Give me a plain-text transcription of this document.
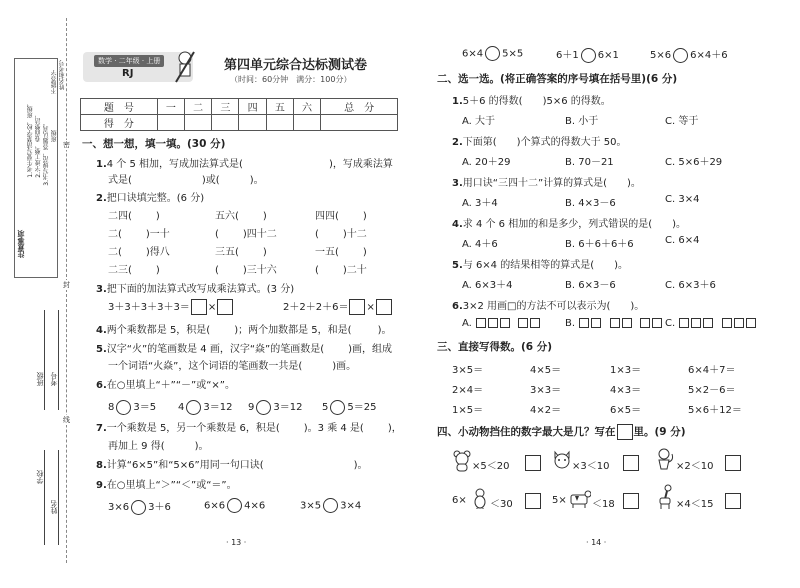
注意事项
1.考生要写清楚学校、班级、 2.字迹工整、卷面整洁， 3.书写规范，答题认真。
姓名和考号
不能答字
班级
密
封
线
班级 考号
学校
姓名
数学 · 二年级 · 上册
RJ
第四单元综合达标测试卷
（时间：60分钟　满分：100分）
题　号	一	二	三	四	五	六	总　分
得　分							
一、想一想，填一填。(30 分)
1.4 个 5 相加，写成加法算式是(	)，写成乘法算
式是(	)或(	)。
2.把口诀填完整。(6 分)
二四( )	五六( )	四四( )
二( )一十	( )四十二	( )十二
二( )得八	三五( )	一五( )
二三( )	( )三十六	( )二十
3.把下面的加法算式改写成乘法算式。(3 分)
3＋3＋3＋3＋3＝ ×	2＋2＋2＋6＝ ×
4.两个乘数都是 5，积是( )；两个加数都是 5，和是(	)。
5.汉字“火”的笔画数是 4 画，汉字“焱”的笔画数是( )画，组成
一个词语“火焱”，这个词语的笔画数一共是(	)画。
6.在○里填上“＋”“－”或“×”。
8 3＝5 4 3＝12 9 3＝12 5 5＝25
7.一个乘数是 5，另一个乘数是 6，积是( )。3 乘 4 是( )，
再加上 9 得(	)。
8.计算“6×5”和“5×6”用同一句口诀(	)。
9.在○里填上“＞”“＜”或“＝”。
3×6 3＋6	6×6 4×6	3×5 3×4
· 13 ·
6×4 5×5	6＋1 6×1	5×6 6×4＋6
二、选一选。(将正确答案的序号填在括号里)(6 分)
1.5＋6 的得数(　　)5×6 的得数。
A. 大于	B. 小于	C. 等于
2.下面第(　　)个算式的得数大于 50。
A. 20＋29	B. 70－21	C. 5×6＋29
3.用口诀“三四十二”计算的算式是(　　)。
A. 3＋4	B. 4×3－6	C. 3×4
4.求 4 个 6 相加的和是多少，列式错误的是(　　)。
A. 4＋6	B. 6＋6＋6＋6	C. 6×4
5.与 6×4 的结果相等的算式是(　　)。
A. 6×3＋4	B. 6×3－6	C. 6×3＋6
6.3×2 用画□的方法不可以表示为(　　)。
A.	B.	C.
三、直接写得数。(6 分)
3×5＝	4×5＝	1×3＝	6×4＋7＝
2×4＝	3×3＝	4×3＝	5×2－6＝
1×5＝	4×2＝	6×5＝	5×6＋12＝
四、小动物挡住的数字最大是几？写在 里。(9 分)
×5＜20	×3＜10	×2＜10
6× ＜30	5×	＜18	×4＜15
· 14 ·
